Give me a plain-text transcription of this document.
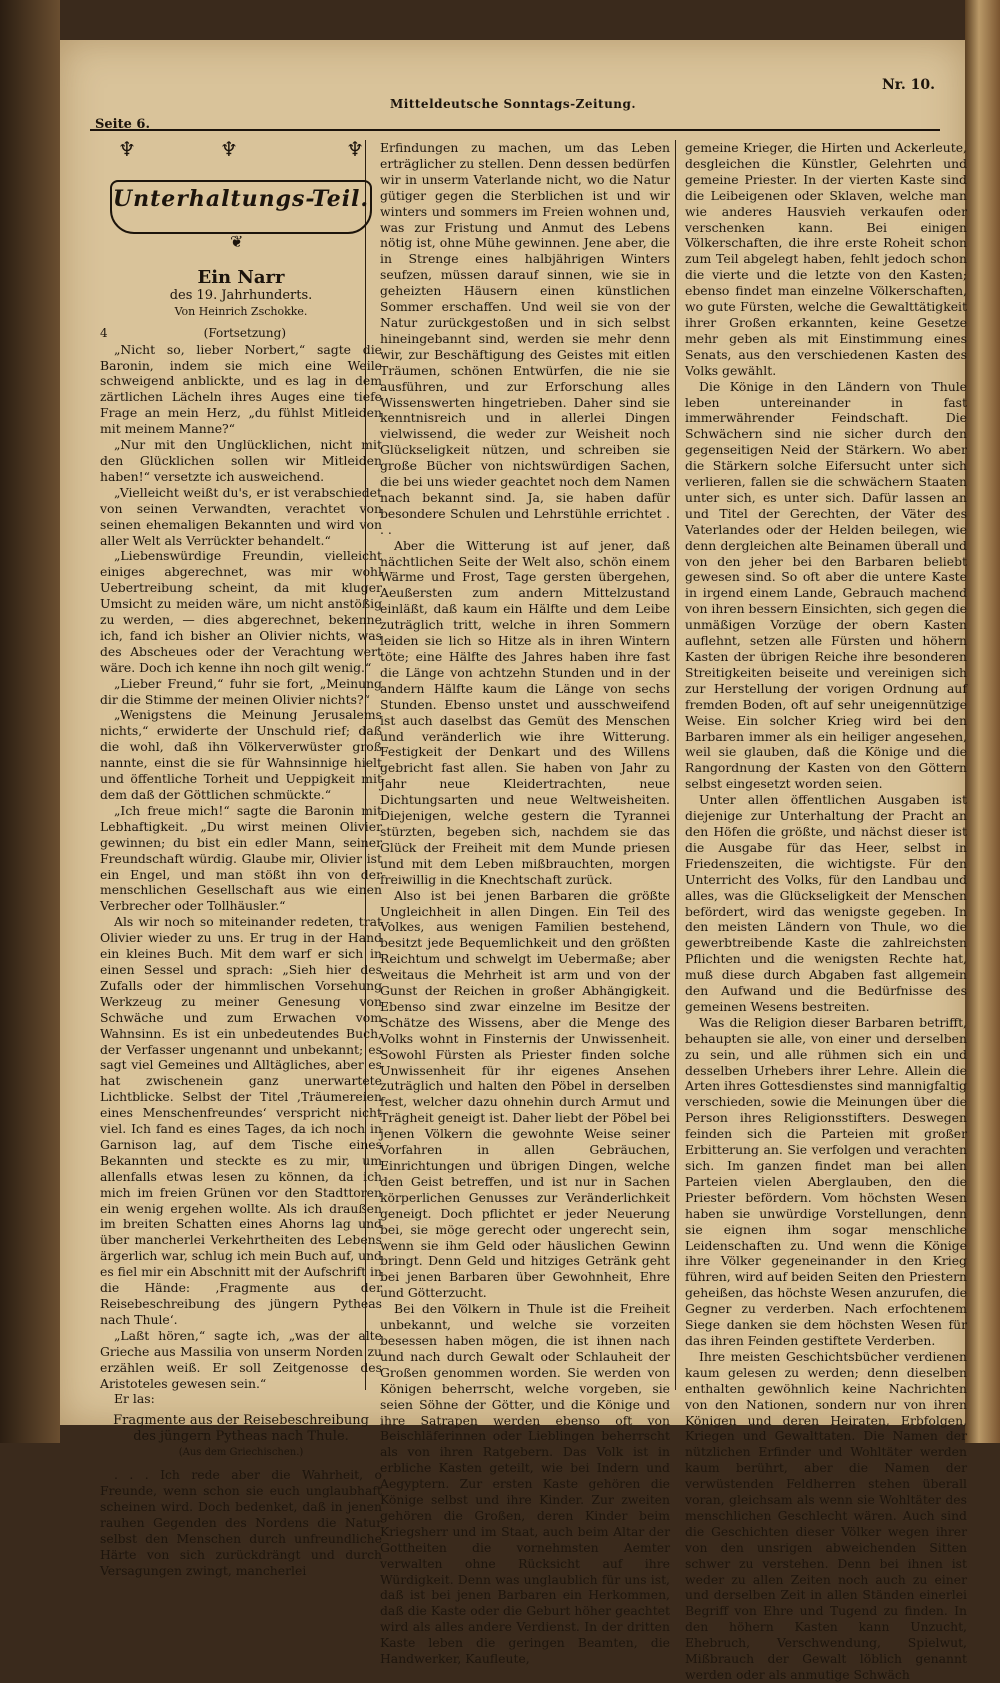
Seite 6.
Mitteldeutsche Sonntags-Zeitung.
Nr. 10.
♆	♆	♆
Unterhaltungs-Teil.
❦
Ein Narr
des 19. Jahrhunderts.
Von Heinrich Zschokke.
4	(Fortsetzung)

„Nicht so, lieber Norbert,“ sagte die Baronin, indem sie mich eine Weile schweigend anblickte, und es lag in dem zärtlichen Lächeln ihres Auges eine tiefe Frage an mein Herz, „du fühlst Mitleiden mit meinem Manne?“

„Nur mit den Unglücklichen, nicht mit den Glücklichen sollen wir Mitleiden haben!“ versetzte ich ausweichend.

„Vielleicht weißt du's, er ist verabschiedet von seinen Verwandten, verachtet von seinen ehemaligen Bekannten und wird von aller Welt als Verrückter behandelt.“

„Liebenswürdige Freundin, vielleicht einiges abgerechnet, was mir wohl Uebertreibung scheint, da mit kluger Umsicht zu meiden wäre, um nicht anstößig zu werden, — dies abgerechnet, bekenne ich, fand ich bisher an Olivier nichts, was des Abscheues oder der Verachtung wert wäre. Doch ich kenne ihn noch gilt wenig.“

„Lieber Freund,“ fuhr sie fort, „Meinung dir die Stimme der meinen Olivier nichts?“

„Wenigstens die Meinung Jerusalems nichts,“ erwiderte der Unschuld rief; daß die wohl, daß ihn Völkerverwüster groß nannte, einst die sie für Wahnsinnige hielt und öffentliche Torheit und Ueppigkeit mit dem daß der Göttlichen schmückte.“

„Ich freue mich!“ sagte die Baronin mit Lebhaftigkeit. „Du wirst meinen Olivier gewinnen; du bist ein edler Mann, seiner Freundschaft würdig. Glaube mir, Olivier ist ein Engel, und man stößt ihn von der menschlichen Gesellschaft aus wie einen Verbrecher oder Tollhäusler.“

Als wir noch so miteinander redeten, trat Olivier wieder zu uns. Er trug in der Hand ein kleines Buch. Mit dem warf er sich in einen Sessel und sprach: „Sieh hier des Zufalls oder der himmlischen Vorsehung Werkzeug zu meiner Genesung von Schwäche und zum Erwachen vom Wahnsinn. Es ist ein unbedeutendes Buch, der Verfasser ungenannt und unbekannt; es sagt viel Gemeines und Alltägliches, aber es hat zwischenein ganz unerwartete Lichtblicke. Selbst der Titel ‚Träumereien eines Menschenfreundes‘ verspricht nicht viel. Ich fand es eines Tages, da ich noch in Garnison lag, auf dem Tische eines Bekannten und steckte es zu mir, um allenfalls etwas lesen zu können, da ich mich im freien Grünen vor den Stadttoren ein wenig ergehen wollte. Als ich draußen im breiten Schatten eines Ahorns lag und über mancherlei Verkehrtheiten des Lebens ärgerlich war, schlug ich mein Buch auf, und es fiel mir ein Abschnitt mit der Aufschrift in die Hände: ‚Fragmente aus der Reisebeschreibung des jüngern Pytheas nach Thule‘.

„Laßt hören,“ sagte ich, „was der alte Grieche aus Massilia von unserm Norden zu erzählen weiß. Er soll Zeitgenosse des Aristoteles gewesen sein.“

Er las:

Fragmente aus der Reisebeschreibung des jüngern Pytheas nach Thule.
(Aus dem Griechischen.)

. . . Ich rede aber die Wahrheit, o Freunde, wenn schon sie euch unglaubhaft scheinen wird. Doch bedenket, daß in jenen rauhen Gegenden des Nordens die Natur selbst den Menschen durch unfreundliche Härte von sich zurückdrängt und durch Versagungen zwingt, mancherlei

Erfindungen zu machen, um das Leben erträglicher zu stellen. Denn dessen bedürfen wir in unserm Vaterlande nicht, wo die Natur gütiger gegen die Sterblichen ist und wir winters und sommers im Freien wohnen und, was zur Fristung und Anmut des Lebens nötig ist, ohne Mühe gewinnen. Jene aber, die in Strenge eines halbjährigen Winters seufzen, müssen darauf sinnen, wie sie in geheizten Häusern einen künstlichen Sommer erschaffen. Und weil sie von der Natur zurückgestoßen und in sich selbst hineingebannt sind, werden sie mehr denn wir, zur Beschäftigung des Geistes mit eitlen Träumen, schönen Entwürfen, die nie sie ausführen, und zur Erforschung alles Wissenswerten hingetrieben. Daher sind sie kenntnisreich und in allerlei Dingen vielwissend, die weder zur Weisheit noch Glückseligkeit nützen, und schreiben sie große Bücher von nichtswürdigen Sachen, die bei uns wieder geachtet noch dem Namen nach bekannt sind. Ja, sie haben dafür besondere Schulen und Lehrstühle errichtet . . .

Aber die Witterung ist auf jener, daß nächtlichen Seite der Welt also, schön einem Wärme und Frost, Tage gersten übergehen, Aeußersten zum andern Mittelzustand einläßt, daß kaum ein Hälfte und dem Leibe zuträglich tritt, welche in ihren Sommern leiden sie lich so Hitze als in ihren Wintern töte; eine Hälfte des Jahres haben ihre fast die Länge von achtzehn Stunden und in der andern Hälfte kaum die Länge von sechs Stunden. Ebenso unstet und ausschweifend ist auch daselbst das Gemüt des Menschen und veränderlich wie ihre Witterung. Festigkeit der Denkart und des Willens gebricht fast allen. Sie haben von Jahr zu Jahr neue Kleidertrachten, neue Dichtungsarten und neue Weltweisheiten. Diejenigen, welche gestern die Tyrannei stürzten, begeben sich, nachdem sie das Glück der Freiheit mit dem Munde priesen und mit dem Leben mißbrauchten, morgen freiwillig in die Knechtschaft zurück.

Also ist bei jenen Barbaren die größte Ungleichheit in allen Dingen. Ein Teil des Volkes, aus wenigen Familien bestehend, besitzt jede Bequemlichkeit und den größten Reichtum und schwelgt im Uebermaße; aber weitaus die Mehrheit ist arm und von der Gunst der Reichen in großer Abhängigkeit. Ebenso sind zwar einzelne im Besitze der Schätze des Wissens, aber die Menge des Volks wohnt in Finsternis der Unwissenheit. Sowohl Fürsten als Priester finden solche Unwissenheit für ihr eigenes Ansehen zuträglich und halten den Pöbel in derselben fest, welcher dazu ohnehin durch Armut und Trägheit geneigt ist. Daher liebt der Pöbel bei jenen Völkern die gewohnte Weise seiner Vorfahren in allen Gebräuchen, Einrichtungen und übrigen Dingen, welche den Geist betreffen, und ist nur in Sachen körperlichen Genusses zur Veränderlichkeit geneigt. Doch pflichtet er jeder Neuerung bei, sie möge gerecht oder ungerecht sein, wenn sie ihm Geld oder häuslichen Gewinn bringt. Denn Geld und hitziges Getränk geht bei jenen Barbaren über Gewohnheit, Ehre und Götterzucht.

Bei den Völkern in Thule ist die Freiheit unbekannt, und welche sie vorzeiten besessen haben mögen, die ist ihnen nach und nach durch Gewalt oder Schlauheit der Großen genommen worden. Sie werden von Königen beherrscht, welche vorgeben, sie seien Söhne der Götter, und die Könige und ihre Satrapen werden ebenso oft von Beischläferinnen oder Lieblingen beherrscht als von ihren Ratgebern. Das Volk ist in erbliche Kasten geteilt, wie bei Indern und Aegyptern. Zur ersten Kaste gehören die Könige selbst und ihre Kinder. Zur zweiten gehören die Großen, deren Kinder beim Kriegsherr und im Staat, auch beim Altar der Gottheiten die vornehmsten Aemter verwalten ohne Rücksicht auf ihre Würdigkeit. Denn was unglaublich für uns ist, daß ist bei jenen Barbaren ein Herkommen, daß die Kaste oder die Geburt höher geachtet wird als alles andere Verdienst. In der dritten Kaste leben die geringen Beamten, die Handwerker, Kaufleute,

gemeine Krieger, die Hirten und Ackerleute, desgleichen die Künstler, Gelehrten und gemeine Priester. In der vierten Kaste sind die Leibeigenen oder Sklaven, welche man wie anderes Hausvieh verkaufen oder verschenken kann. Bei einigen Völkerschaften, die ihre erste Roheit schon zum Teil abgelegt haben, fehlt jedoch schon die vierte und die letzte von den Kasten; ebenso findet man einzelne Völkerschaften, wo gute Fürsten, welche die Gewalttätigkeit ihrer Großen erkannten, keine Gesetze mehr geben als mit Einstimmung eines Senats, aus den verschiedenen Kasten des Volks gewählt.

Die Könige in den Ländern von Thule leben untereinander in fast immerwährender Feindschaft. Die Schwächern sind nie sicher durch den gegenseitigen Neid der Stärkern. Wo aber die Stärkern solche Eifersucht unter sich verlieren, fallen sie die schwächern Staaten unter sich, es unter sich. Dafür lassen an und Titel der Gerechten, der Väter des Vaterlandes oder der Helden beilegen, wie denn dergleichen alte Beinamen überall und von den jeher bei den Barbaren beliebt gewesen sind. So oft aber die untere Kaste in irgend einem Lande, Gebrauch machend von ihren bessern Einsichten, sich gegen die unmäßigen Vorzüge der obern Kasten auflehnt, setzen alle Fürsten und höhern Kasten der übrigen Reiche ihre besonderen Streitigkeiten beiseite und vereinigen sich zur Herstellung der vorigen Ordnung auf fremden Boden, oft auf sehr uneigennützige Weise. Ein solcher Krieg wird bei den Barbaren immer als ein heiliger angesehen, weil sie glauben, daß die Könige und die Rangordnung der Kasten von den Göttern selbst eingesetzt worden seien.

Unter allen öffentlichen Ausgaben ist diejenige zur Unterhaltung der Pracht an den Höfen die größte, und nächst dieser ist die Ausgabe für das Heer, selbst in Friedenszeiten, die wichtigste. Für den Unterricht des Volks, für den Landbau und alles, was die Glückseligkeit der Menschen befördert, wird das wenigste gegeben. In den meisten Ländern von Thule, wo die gewerbtreibende Kaste die zahlreichsten Pflichten und die wenigsten Rechte hat, muß diese durch Abgaben fast allgemein den Aufwand und die Bedürfnisse des gemeinen Wesens bestreiten.

Was die Religion dieser Barbaren betrifft, behaupten sie alle, von einer und derselben zu sein, und alle rühmen sich ein und desselben Urhebers ihrer Lehre. Allein die Arten ihres Gottesdienstes sind mannigfaltig verschieden, sowie die Meinungen über die Person ihres Religionsstifters. Deswegen feinden sich die Parteien mit großer Erbitterung an. Sie verfolgen und verachten sich. Im ganzen findet man bei allen Parteien vielen Aberglauben, den die Priester befördern. Vom höchsten Wesen haben sie unwürdige Vorstellungen, denn sie eignen ihm sogar menschliche Leidenschaften zu. Und wenn die Könige ihre Völker gegeneinander in den Krieg führen, wird auf beiden Seiten den Priestern geheißen, das höchste Wesen anzurufen, die Gegner zu verderben. Nach erfochtenem Siege danken sie dem höchsten Wesen für das ihren Feinden gestiftete Verderben.

Ihre meisten Geschichtsbücher verdienen kaum gelesen zu werden; denn dieselben enthalten gewöhnlich keine Nachrichten von den Nationen, sondern nur von ihren Königen und deren Heiraten, Erbfolgen, Kriegen und Gewalttaten. Die Namen der nützlichen Erfinder und Wohltäter werden kaum berührt, aber die Namen der verwüstenden Feldherren stehen überall voran, gleichsam als wenn sie Wohltäter des menschlichen Geschlecht wären. Auch sind die Geschichten dieser Völker wegen ihrer von den unsrigen abweichenden Sitten schwer zu verstehen. Denn bei ihnen ist weder zu allen Zeiten noch auch zu einer und derselben Zeit in allen Ständen einerlei Begriff von Ehre und Tugend zu finden. In den höhern Kasten kann Unzucht, Ehebruch, Verschwendung, Spielwut, Mißbrauch der Gewalt löblich genannt werden oder als anmutige Schwäch
